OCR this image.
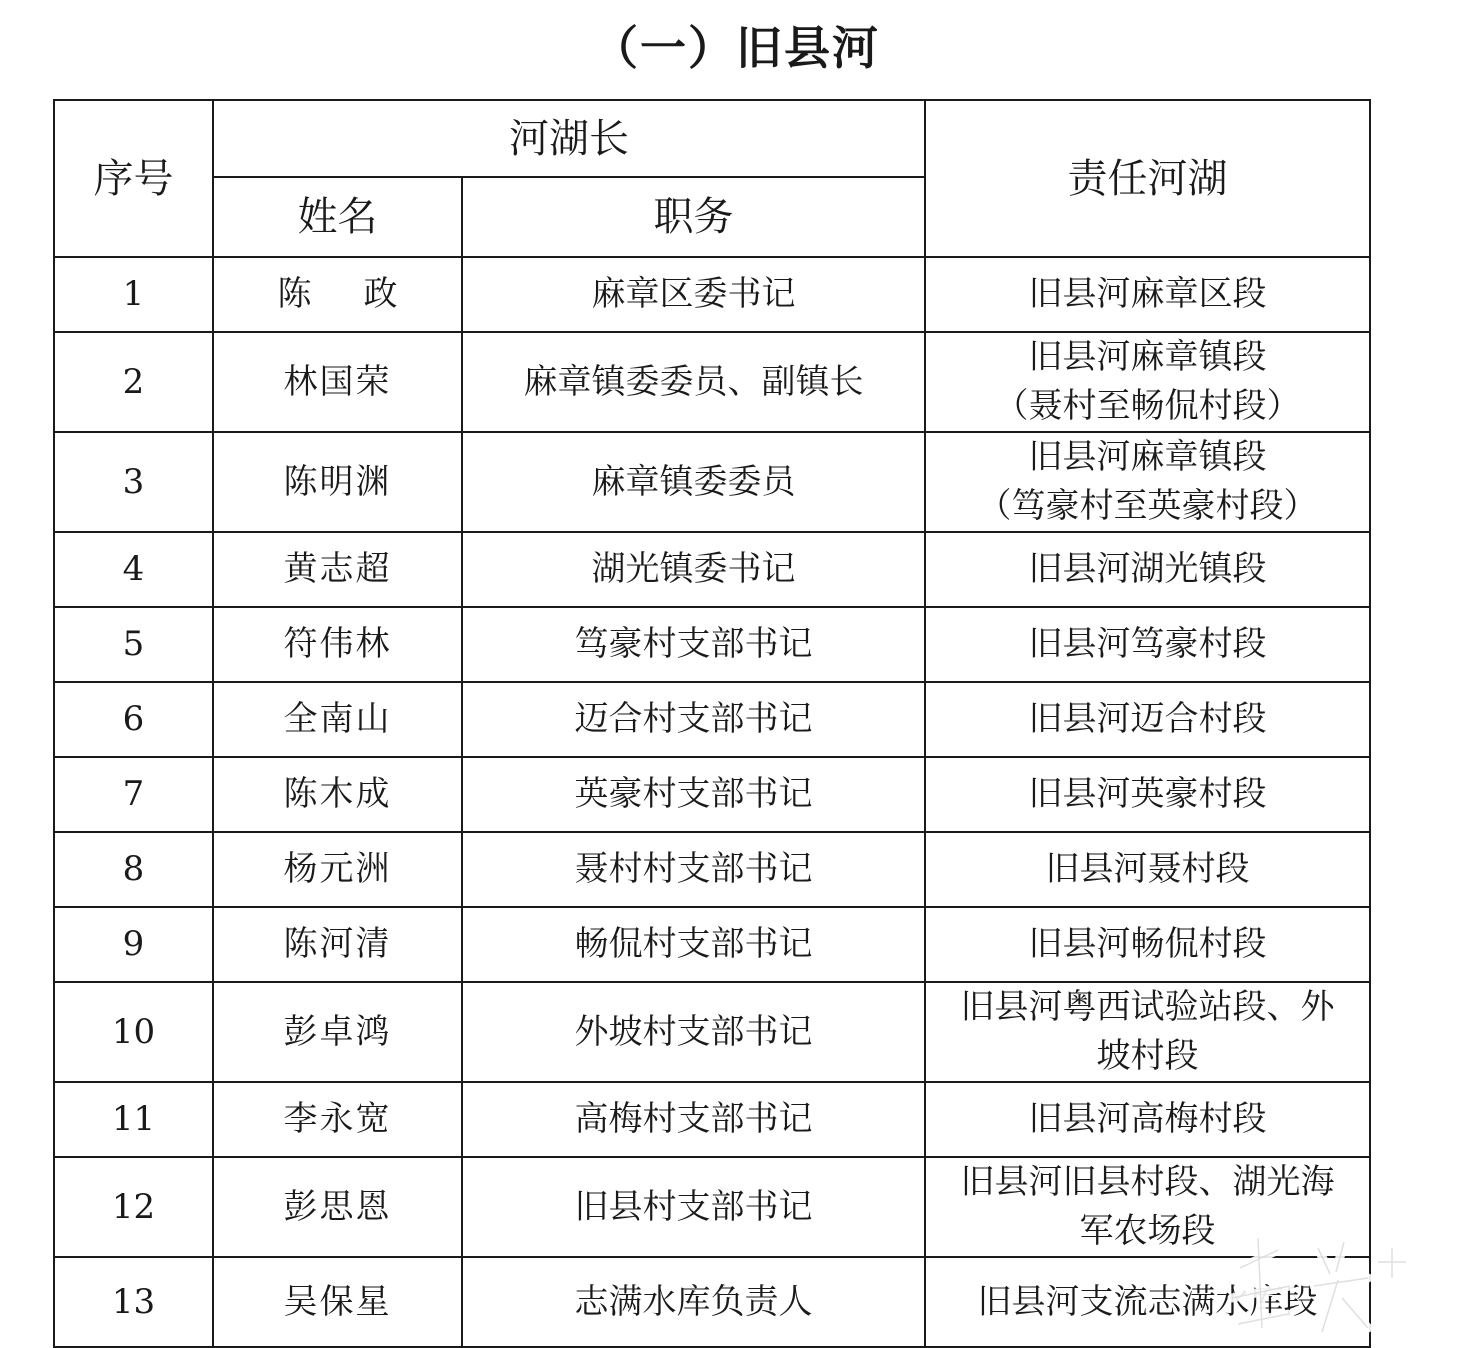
（一）旧县河
序号	河湖长		责任河湖
	姓名	职务	
1	陈 政	麻章区委书记	旧县河麻章区段

2	林国荣	麻章镇委委员、副镇长	旧县河麻章镇段
（聂村至畅侃村段）

3	陈明渊	麻章镇委委员	旧县河麻章镇段
（笃豪村至英豪村段）

4	黄志超	湖光镇委书记	旧县河湖光镇段

5	符伟林	笃豪村支部书记	旧县河笃豪村段

6	全南山	迈合村支部书记	旧县河迈合村段

7	陈木成	英豪村支部书记	旧县河英豪村段

8	杨元洲	聂村村支部书记	旧县河聂村段

9	陈河清	畅侃村支部书记	旧县河畅侃村段

10	彭卓鸿	外坡村支部书记	旧县河粤西试验站段、外
坡村段

11	李永宽	高梅村支部书记	旧县河高梅村段

12	彭思恩	旧县村支部书记	旧县河旧县村段、湖光海
军农场段

13	吴保星	志满水库负责人	旧县河支流志满水库段
